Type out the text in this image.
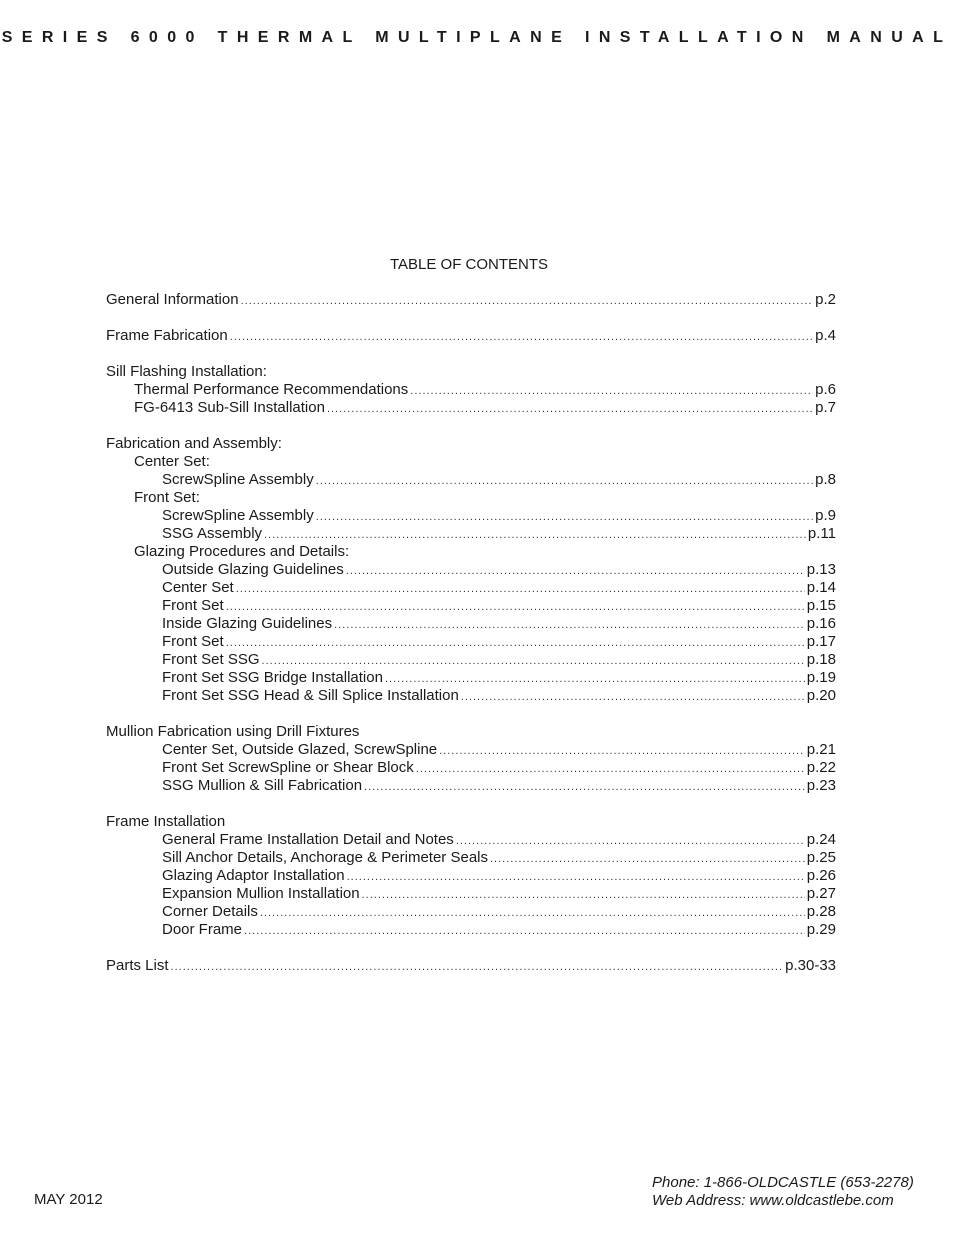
SERIES 6000 THERMAL MULTIPLANE INSTALLATION MANUAL
TABLE OF CONTENTS
General Information .....	p.2
Frame Fabrication .....	p.4
Sill Flashing Installation:
Thermal Performance Recommendations .....	p.6
FG-6413 Sub-Sill Installation .....	p.7
Fabrication and Assembly:
Center Set:
ScrewSpline Assembly .....	p.8
Front Set:
ScrewSpline Assembly .....	p.9
SSG Assembly .....	p.11
Glazing Procedures and Details:
Outside Glazing Guidelines .....	p.13
Center Set .....	p.14
Front Set .....	p.15
Inside Glazing Guidelines .....	p.16
Front Set .....	p.17
Front Set SSG .....	p.18
Front Set SSG Bridge Installation .....	p.19
Front Set SSG Head & Sill Splice Installation .....	p.20
Mullion Fabrication using Drill Fixtures
Center Set, Outside Glazed, ScrewSpline .....	p.21
Front Set ScrewSpline or Shear Block .....	p.22
SSG Mullion & Sill Fabrication .....	p.23
Frame Installation
General Frame Installation Detail and Notes .....	p.24
Sill Anchor Details, Anchorage & Perimeter Seals .....	p.25
Glazing Adaptor Installation .....	p.26
Expansion Mullion Installation .....	p.27
Corner Details .....	p.28
Door Frame .....	p.29
Parts List .....	p.30-33
MAY 2012
Phone: 1-866-OLDCASTLE (653-2278)
Web Address: www.oldcastlebe.com
